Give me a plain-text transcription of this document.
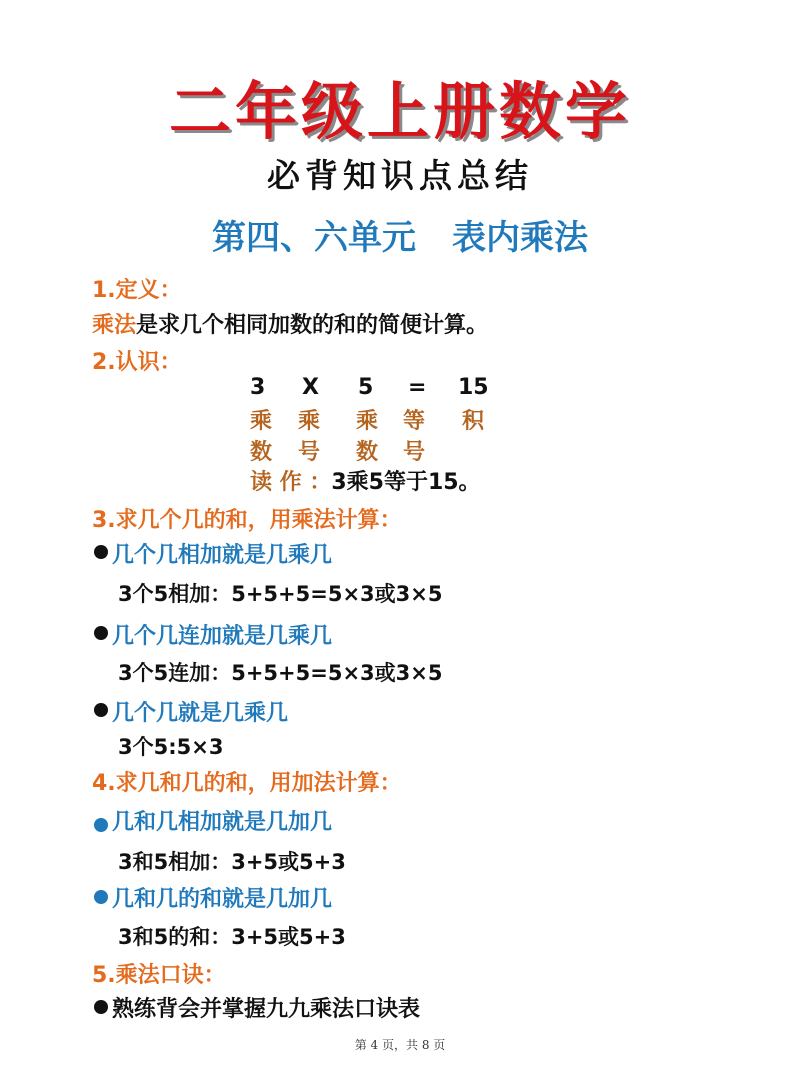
二年级上册数学
必背知识点总结
第四、六单元 表内乘法
1.定义：
乘法是求几个相同加数的和的简便计算。
2.认识：
3 X 5 = 15
乘 乘 乘 等 积
数 号 数 号
读 作 ：3乘5等于15。
3.求几个几的和，用乘法计算：
几个几相加就是几乘几
3个5相加：5+5+5=5×3或3×5
几个几连加就是几乘几
3个5连加：5+5+5=5×3或3×5
几个几就是几乘几
3个5:5×3
4.求几和几的和，用加法计算：
几和几相加就是几加几
3和5相加：3+5或5+3
几和几的和就是几加几
3和5的和：3+5或5+3
5.乘法口诀：
熟练背会并掌握九九乘法口诀表
第 4 页，共 8 页
